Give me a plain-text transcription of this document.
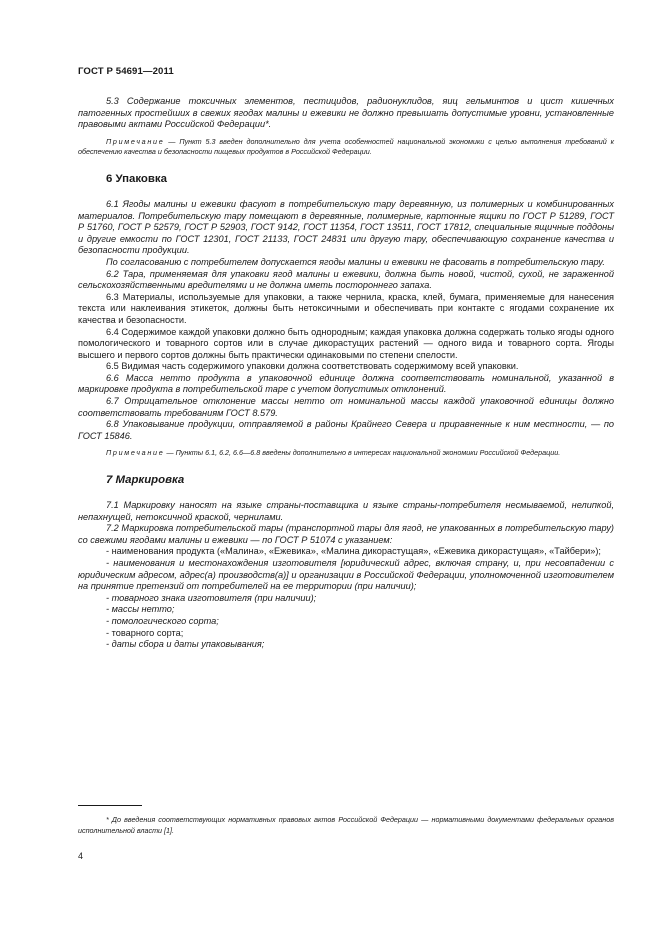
ГОСТ Р 54691—2011

5.3 Содержание токсичных элементов, пестицидов, радионуклидов, яиц гельминтов и цист кишечных патогенных простейших в свежих ягодах малины и ежевики не должно превышать допустимые уровни, установленные правовыми актами Российской Федерации*.

Примечание — Пункт 5.3 введен дополнительно для учета особенностей национальной экономики с целью выполнения требований к обеспечению качества и безопасности пищевых продуктов в Российской Федерации.

6 Упаковка

6.1 Ягоды малины и ежевики фасуют в потребительскую тару деревянную, из полимерных и комбинированных материалов. Потребительскую тару помещают в деревянные, полимерные, картонные ящики по ГОСТ Р 51289, ГОСТ Р 51760, ГОСТ Р 52579, ГОСТ Р 52903, ГОСТ 9142, ГОСТ 11354, ГОСТ 13511, ГОСТ 17812, специальные ящичные поддоны и другие емкости по ГОСТ 12301, ГОСТ 21133, ГОСТ 24831 или другую тару, обеспечивающую сохранение качества и безопасности продукции.

По согласованию с потребителем допускается ягоды малины и ежевики не фасовать в потребительскую тару.

6.2 Тара, применяемая для упаковки ягод малины и ежевики, должна быть новой, чистой, сухой, не зараженной сельскохозяйственными вредителями и не должна иметь постороннего запаха.

6.3 Материалы, используемые для упаковки, а также чернила, краска, клей, бумага, применяемые для нанесения текста или наклеивания этикеток, должны быть нетоксичными и обеспечивать при контакте с ягодами сохранение их качества и безопасности.

6.4 Содержимое каждой упаковки должно быть однородным; каждая упаковка должна содержать только ягоды одного помологического и товарного сортов или в случае дикорастущих растений — одного вида и товарного сорта. Ягоды высшего и первого сортов должны быть практически одинаковыми по степени спелости.

6.5 Видимая часть содержимого упаковки должна соответствовать содержимому всей упаковки.

6.6 Масса нетто продукта в упаковочной единице должна соответствовать номинальной, указанной в маркировке продукта в потребительской таре с учетом допустимых отклонений.

6.7 Отрицательное отклонение массы нетто от номинальной массы каждой упаковочной единицы должно соответствовать требованиям ГОСТ 8.579.

6.8 Упаковывание продукции, отправляемой в районы Крайнего Севера и приравненные к ним местности, — по ГОСТ 15846.

Примечание — Пункты 6.1, 6.2, 6.6—6.8 введены дополнительно в интересах национальной экономики Российской Федерации.

7 Маркировка

7.1 Маркировку наносят на языке страны-поставщика и языке страны-потребителя несмываемой, нелипкой, непахнущей, нетоксичной краской, чернилами.

7.2 Маркировка потребительской тары (транспортной тары для ягод, не упакованных в потребительскую тару) со свежими ягодами малины и ежевики — по ГОСТ Р 51074 с указанием:

- наименования продукта («Малина», «Ежевика», «Малина дикорастущая», «Ежевика дикорастущая», «Тайбери»);

- наименования и местонахождения изготовителя [юридический адрес, включая страну, и, при несовпадении с юридическим адресом, адрес(а) производств(а)] и организации в Российской Федерации, уполномоченной изготовителем на принятие претензий от потребителей на ее территории (при наличии);

- товарного знака изготовителя (при наличии);

- массы нетто;

- помологического сорта;

- товарного сорта;

- даты сбора и даты упаковывания;

* До введения соответствующих нормативных правовых актов Российской Федерации — нормативными документами федеральных органов исполнительной власти [1].

4
